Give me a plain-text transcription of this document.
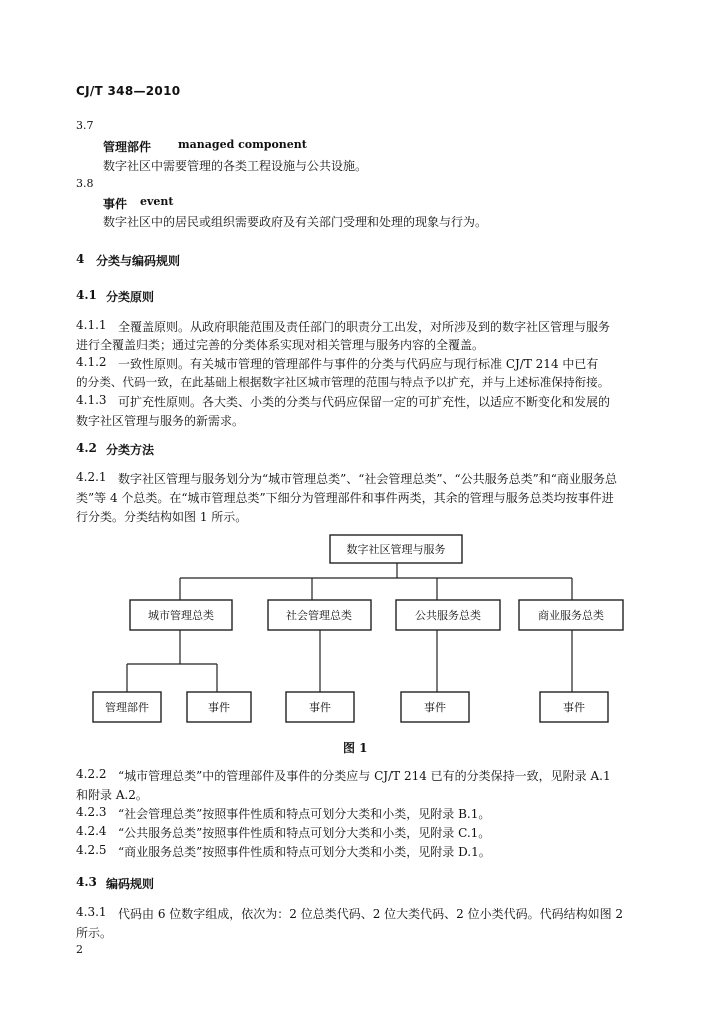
CJ/T 348—2010
3.7
管理部件 managed component
数字社区中需要管理的各类工程设施与公共设施。
3.8
事件 event
数字社区中的居民或组织需要政府及有关部门受理和处理的现象与行为。
4 分类与编码规则
4.1 分类原则
4.1.1 全覆盖原则。从政府职能范围及责任部门的职责分工出发，对所涉及到的数字社区管理与服务
进行全覆盖归类；通过完善的分类体系实现对相关管理与服务内容的全覆盖。
4.1.2 一致性原则。有关城市管理的管理部件与事件的分类与代码应与现行标准 CJ/T 214 中已有
的分类、代码一致，在此基础上根据数字社区城市管理的范围与特点予以扩充，并与上述标准保持衔接。
4.1.3 可扩充性原则。各大类、小类的分类与代码应保留一定的可扩充性，以适应不断变化和发展的
数字社区管理与服务的新需求。
4.2 分类方法
4.2.1 数字社区管理与服务划分为“城市管理总类”、“社会管理总类”、“公共服务总类”和“商业服务总
类”等 4 个总类。在“城市管理总类”下细分为管理部件和事件两类，其余的管理与服务总类均按事件进
行分类。分类结构如图 1 所示。
数字社区管理与服务
城市管理总类	社会管理总类	公共服务总类	商业服务总类
管理部件	事件	事件	事件	事件
图 1
4.2.2 “城市管理总类”中的管理部件及事件的分类应与 CJ/T 214 已有的分类保持一致，见附录 A.1
和附录 A.2。
4.2.3 “社会管理总类”按照事件性质和特点可划分大类和小类，见附录 B.1。
4.2.4 “公共服务总类”按照事件性质和特点可划分大类和小类，见附录 C.1。
4.2.5 “商业服务总类”按照事件性质和特点可划分大类和小类，见附录 D.1。
4.3 编码规则
4.3.1 代码由 6 位数字组成，依次为：2 位总类代码、2 位大类代码、2 位小类代码。代码结构如图 2
所示。
2
